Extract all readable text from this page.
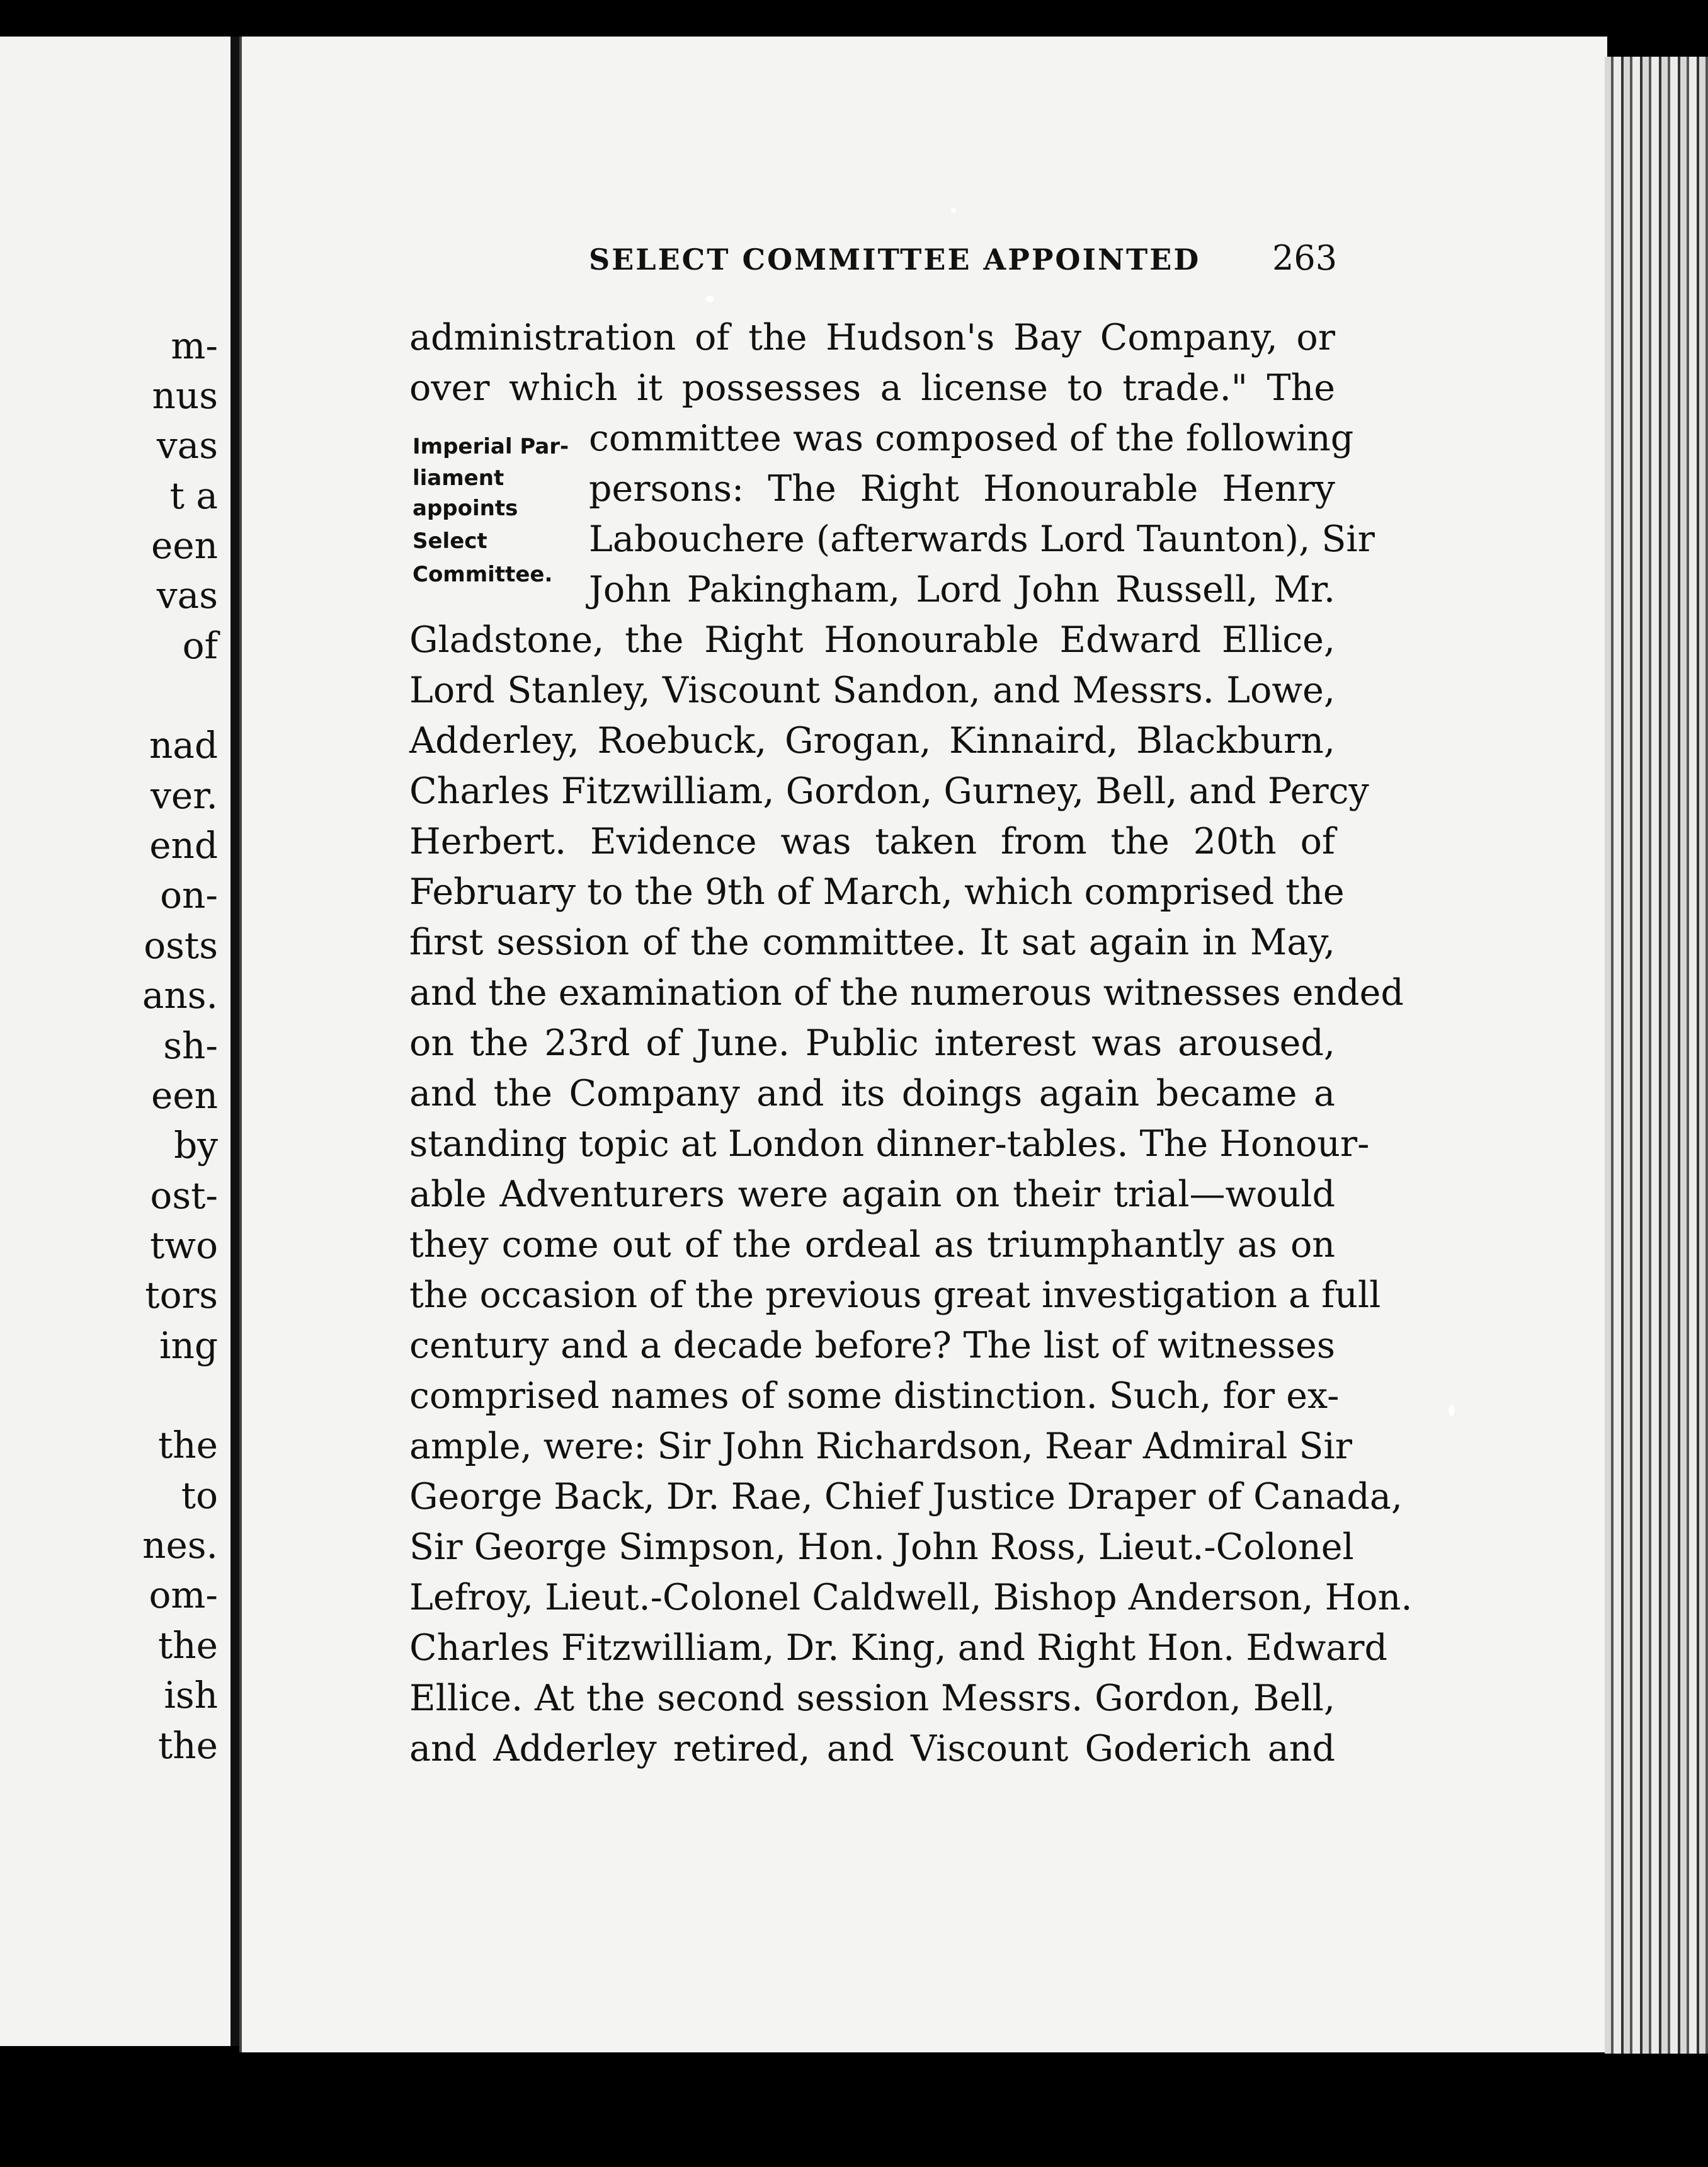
m-
nus
vas
t a
een
vas
of
nad
ver.
end
on-
osts
ans.
sh-
een
by
ost-
two
tors
ing
the
to
nes.
om-
the
ish
the
SELECT COMMITTEE APPOINTED 263
Imperial Par-
liament
appoints
Select
Committee.
administration of the Hudson's Bay Company, or
over which it possesses a license to trade." The
committee was composed of the following
persons: The Right Honourable Henry
Labouchere (afterwards Lord Taunton), Sir
John Pakingham, Lord John Russell, Mr.
Gladstone, the Right Honourable Edward Ellice,
Lord Stanley, Viscount Sandon, and Messrs. Lowe,
Adderley, Roebuck, Grogan, Kinnaird, Blackburn,
Charles Fitzwilliam, Gordon, Gurney, Bell, and Percy
Herbert. Evidence was taken from the 20th of
February to the 9th of March, which comprised the
first session of the committee. It sat again in May,
and the examination of the numerous witnesses ended
on the 23rd of June. Public interest was aroused,
and the Company and its doings again became a
standing topic at London dinner-tables. The Honour-
able Adventurers were again on their trial—would
they come out of the ordeal as triumphantly as on
the occasion of the previous great investigation a full
century and a decade before? The list of witnesses
comprised names of some distinction. Such, for ex-
ample, were: Sir John Richardson, Rear Admiral Sir
George Back, Dr. Rae, Chief Justice Draper of Canada,
Sir George Simpson, Hon. John Ross, Lieut.-Colonel
Lefroy, Lieut.-Colonel Caldwell, Bishop Anderson, Hon.
Charles Fitzwilliam, Dr. King, and Right Hon. Edward
Ellice. At the second session Messrs. Gordon, Bell,
and Adderley retired, and Viscount Goderich and
